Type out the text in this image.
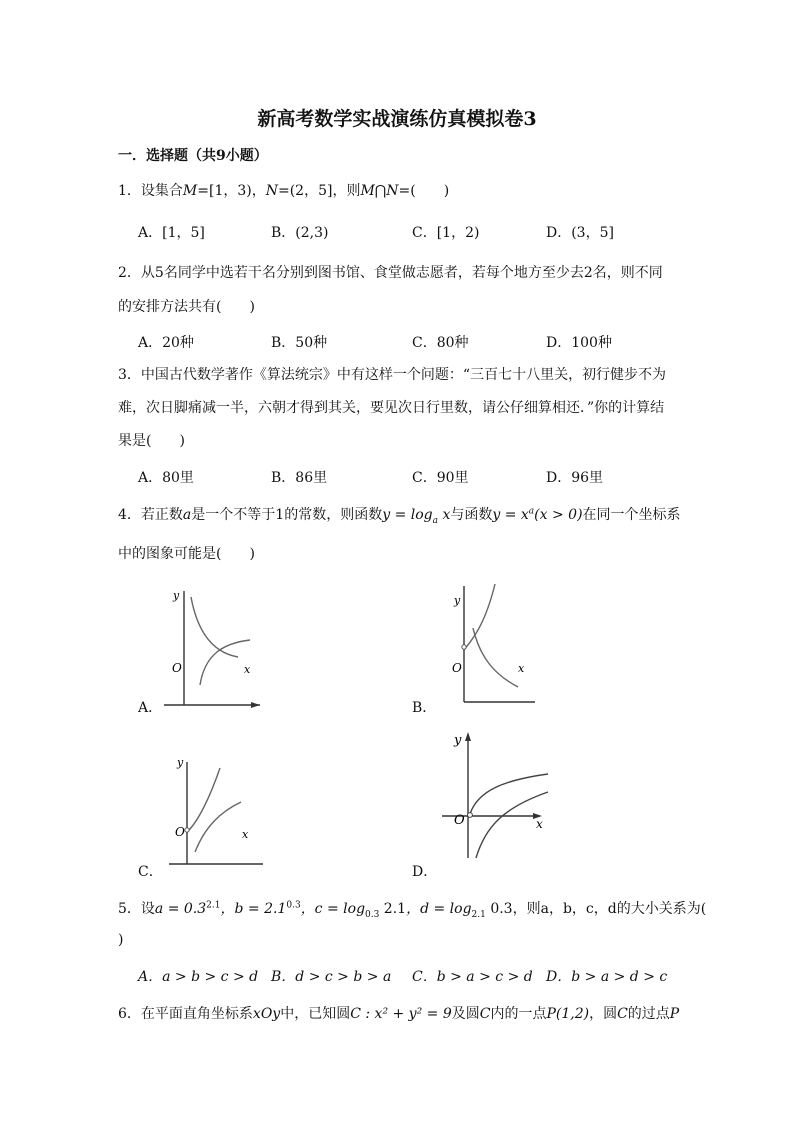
新高考数学实战演练仿真模拟卷3
一．选择题（共9小题）
1．设集合M=[1，3)，N=(2，5]，则M⋂N=(　　)
A．[1，5]	B．(2,3)	C．[1，2)	D．(3，5]
2．从5名同学中选若干名分别到图书馆、食堂做志愿者，若每个地方至少去2名，则不同
的安排方法共有(　　)
A．20种	B．50种	C．80种	D．100种
3．中国古代数学著作《算法统宗》中有这样一个问题：“三百七十八里关，初行健步不为
难，次日脚痛减一半，六朝才得到其关，要见次日行里数，请公仔细算相还．”你的计算结
果是(　　)
A．80里	B．86里	C．90里	D．96里
4．若正数a是一个不等于1的常数，则函数$y = \log_a x$与函数$y = x^a(x > 0)$在同一个坐标系
中的图象可能是(　　)
y
x
O
A．
y
x
O
B．
y
x
O
C．
y
x
O
D．
5．设$a = 0.3^{2.1}$，$b = 2.1^{0.3}$，$c = \log_{0.3} 2.1$，$d = \log_{2.1} 0.3$，则a，b，c，d的大小关系为(
)
A．a > b > c > d B．d > c > b > a C．b > a > c > d D．b > a > d > c
6．在平面直角坐标系xOy中，已知圆C : x² + y² = 9及圆C内的一点P(1,2)，圆C的过点P
